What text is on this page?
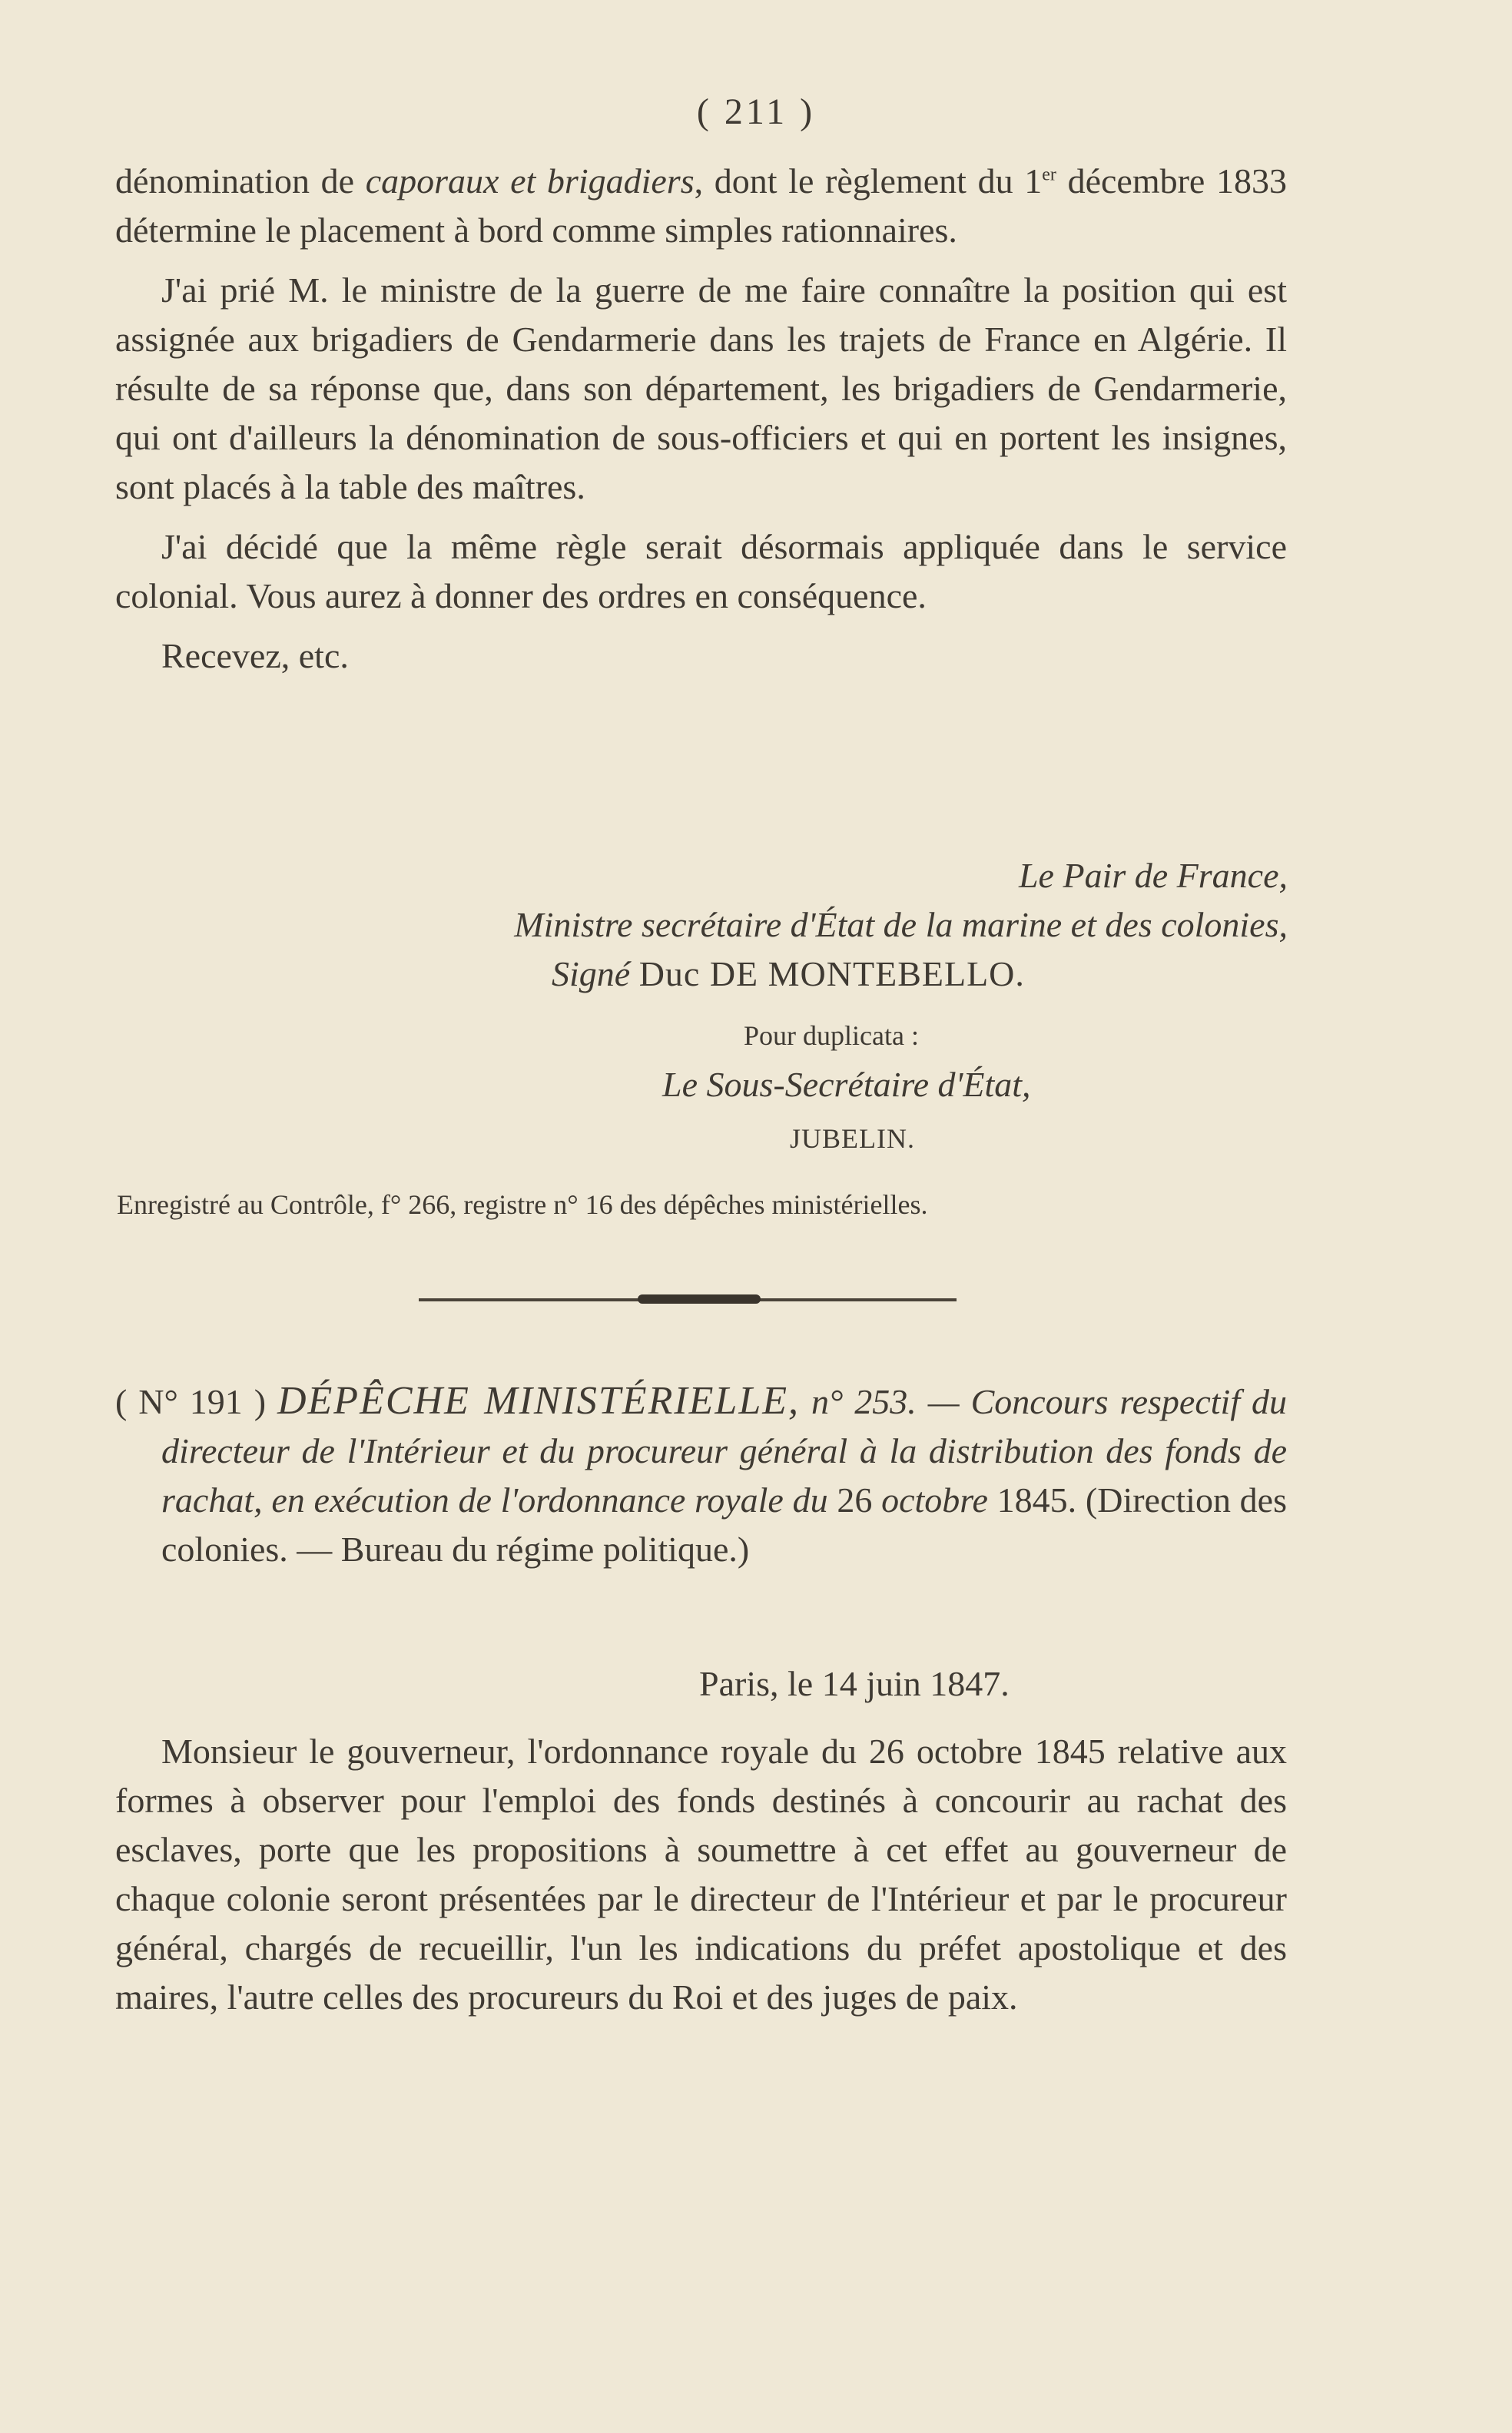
( 211 )

dénomination de caporaux et brigadiers, dont le règlement du 1er décembre 1833 détermine le placement à bord comme simples rationnaires.

J'ai prié M. le ministre de la guerre de me faire connaître la position qui est assignée aux brigadiers de Gendarmerie dans les trajets de France en Algérie. Il résulte de sa réponse que, dans son département, les brigadiers de Gendarmerie, qui ont d'ailleurs la dénomination de sous-officiers et qui en portent les insignes, sont placés à la table des maîtres.

J'ai décidé que la même règle serait désormais appliquée dans le service colonial. Vous aurez à donner des ordres en conséquence.

Recevez, etc.

Le Pair de France,
Ministre secrétaire d'État de la marine et des colonies,
Signé Duc DE MONTEBELLO.
Pour duplicata :
Le Sous-Secrétaire d'État,
JUBELIN.
Enregistré au Contrôle, f° 266, registre n° 16 des dépêches ministérielles.

( N° 191 ) DÉPÊCHE MINISTÉRIELLE, n° 253. — Concours respectif du directeur de l'Intérieur et du procureur général à la distribution des fonds de rachat, en exécution de l'ordonnance royale du 26 octobre 1845. (Direction des colonies. — Bureau du régime politique.)

Paris, le 14 juin 1847.

Monsieur le gouverneur, l'ordonnance royale du 26 octobre 1845 relative aux formes à observer pour l'emploi des fonds destinés à concourir au rachat des esclaves, porte que les propositions à soumettre à cet effet au gouverneur de chaque colonie seront présentées par le directeur de l'Intérieur et par le procureur général, chargés de recueillir, l'un les indications du préfet apostolique et des maires, l'autre celles des procureurs du Roi et des juges de paix.
